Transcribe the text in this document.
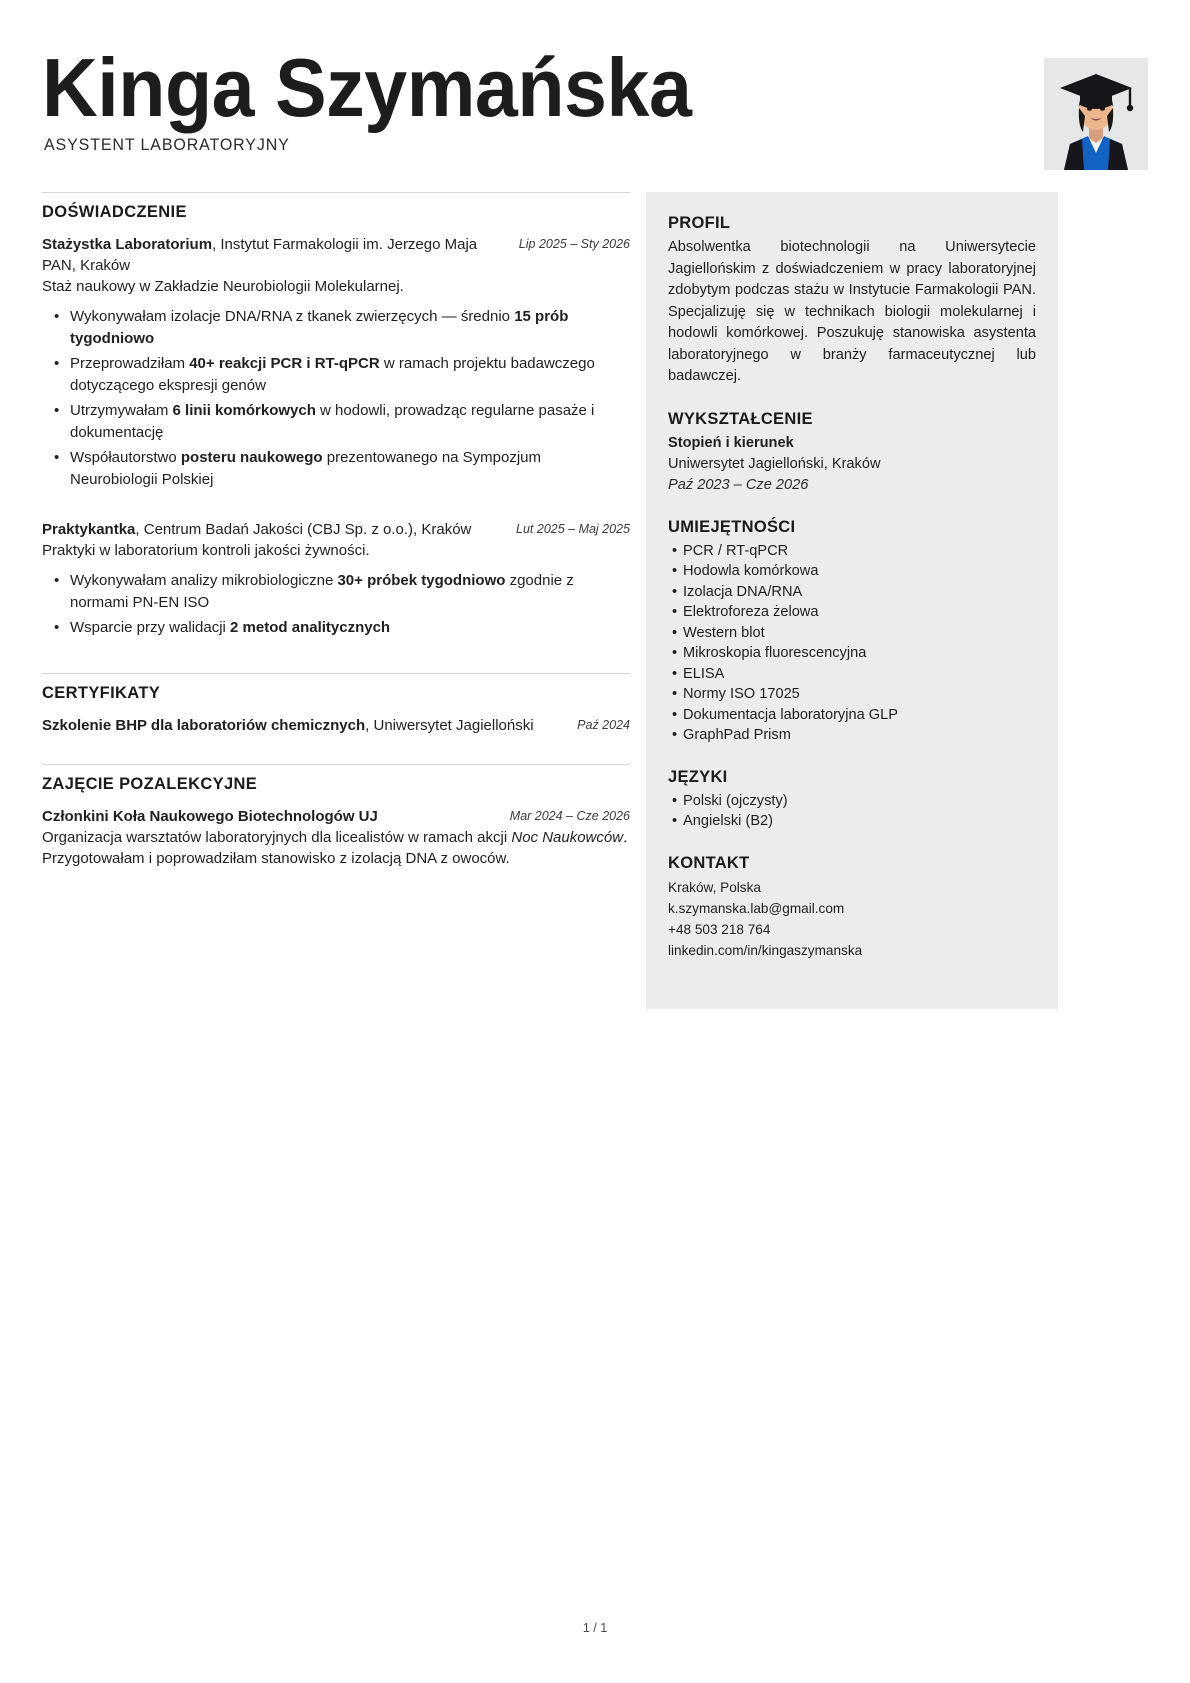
Kinga Szymańska
ASYSTENT LABORATORYJNY
DOŚWIADCZENIE
Lip 2025 – Sty 2026
Stażystka Laboratorium, Instytut Farmakologii im. Jerzego Maja PAN, Kraków

Staż naukowy w Zakładzie Neurobiologii Molekularnej.

• Wykonywałam izolacje DNA/RNA z tkanek zwierzęcych — średnio 15 prób tygodniowo
• Przeprowadziłam 40+ reakcji PCR i RT-qPCR w ramach projektu badawczego dotyczącego ekspresji genów
• Utrzymywałam 6 linii komórkowych w hodowli, prowadząc regularne pasaże i dokumentację
• Współautorstwo posteru naukowego prezentowanego na Sympozjum Neurobiologii Polskiej
Lut 2025 – Maj 2025
Praktykantka, Centrum Badań Jakości (CBJ Sp. z o.o.), Kraków

Praktyki w laboratorium kontroli jakości żywności.

• Wykonywałam analizy mikrobiologiczne 30+ próbek tygodniowo zgodnie z normami PN-EN ISO
• Wsparcie przy walidacji 2 metod analitycznych
CERTYFIKATY
Paź 2024
Szkolenie BHP dla laboratoriów chemicznych, Uniwersytet Jagielloński
ZAJĘCIE POZALEKCYJNE
Mar 2024 – Cze 2026
Członkini Koła Naukowego Biotechnologów UJ

Organizacja warsztatów laboratoryjnych dla licealistów w ramach akcji Noc Naukowców. Przygotowałam i poprowadziłam stanowisko z izolacją DNA z owoców.

PROFIL

Absolwentka biotechnologii na Uniwersytecie Jagiellońskim z doświadczeniem w pracy laboratoryjnej zdobytym podczas stażu w Instytucie Farmakologii PAN. Specjalizuję się w technikach biologii molekularnej i hodowli komórkowej. Poszukuję stanowiska asystenta laboratoryjnego w branży farmaceutycznej lub badawczej.

WYKSZTAŁCENIE
Stopień i kierunek
Uniwersytet Jagielloński, Kraków
Paź 2023 – Cze 2026
UMIEJĘTNOŚCI
• PCR / RT-qPCR
• Hodowla komórkowa
• Izolacja DNA/RNA
• Elektroforeza żelowa
• Western blot
• Mikroskopia fluorescencyjna
• ELISA
• Normy ISO 17025
• Dokumentacja laboratoryjna GLP
• GraphPad Prism
JĘZYKI
• Polski (ojczysty)
• Angielski (B2)
KONTAKT
Kraków, Polska
k.szymanska.lab@gmail.com
+48 503 218 764
linkedin.com/in/kingaszymanska
1 / 1
